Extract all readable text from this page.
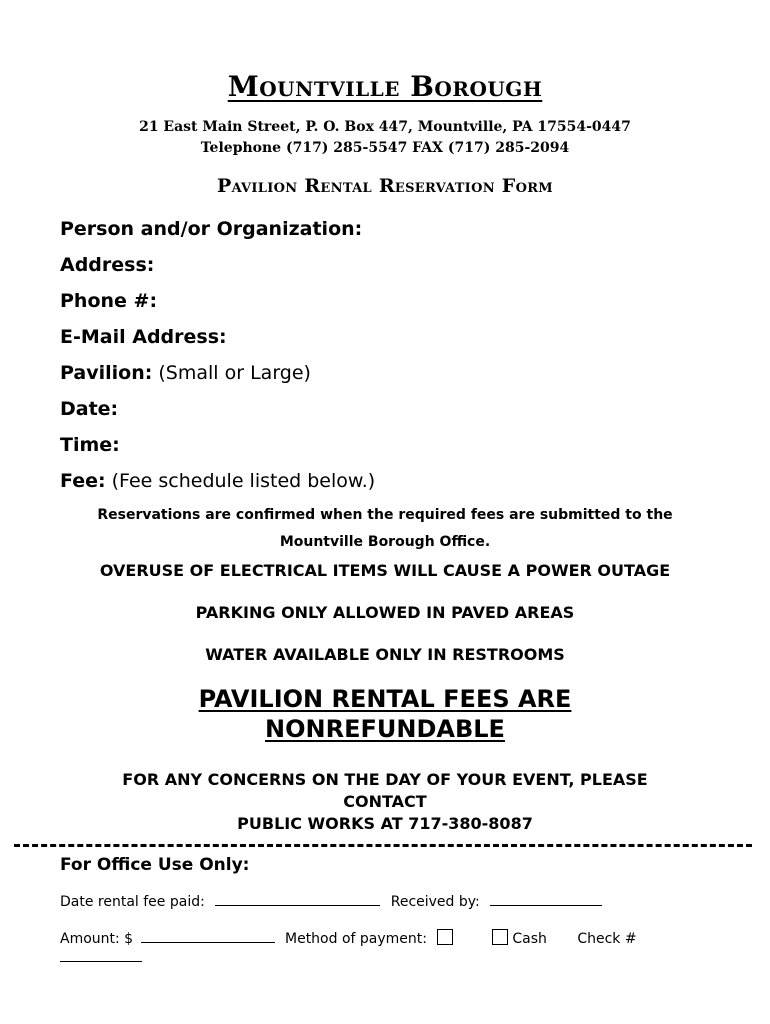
Mountville Borough
21 East Main Street, P. O. Box 447, Mountville, PA 17554-0447
Telephone (717) 285-5547 FAX (717) 285-2094
Pavilion Rental Reservation Form
Person and/or Organization:
Address:
Phone #:
E-Mail Address:
Pavilion: (Small or Large)
Date:
Time:
Fee: (Fee schedule listed below.)
Reservations are confirmed when the required fees are submitted to the
Mountville Borough Office.
OVERUSE OF ELECTRICAL ITEMS WILL CAUSE A POWER OUTAGE
PARKING ONLY ALLOWED IN PAVED AREAS
WATER AVAILABLE ONLY IN RESTROOMS
PAVILION RENTAL FEES ARE
NONREFUNDABLE
FOR ANY CONCERNS ON THE DAY OF YOUR EVENT, PLEASE
CONTACT
PUBLIC WORKS AT 717-380-8087
For Office Use Only:
Date rental fee paid:	Received by:
Amount: $	Method of payment:	Cash Check #
